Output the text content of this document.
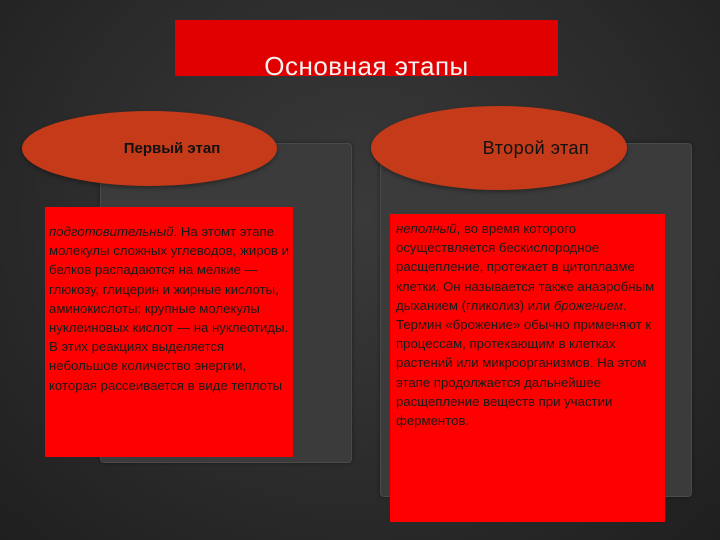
Основная этапы
Первый этап	Второй этап
подготовительный. На этомт этапе молекулы сложных углеводов, жиров и белков распадаются на мелкие — глюкозу, глицерин и жирные кислоты, аминокислоты; крупные молекулы нуклеиновых кислот — на нуклеотиды. В этих реакциях выделяется небольшое количество энергии, которая рассеивается в виде теплоты
неполный, во время которого осуществляется бескислородное расщепление, протекает в цитоплазме клетки. Он называется также анаэробным дыханием (гликолиз) или брожением. Термин «брожение» обычно применяют к процессам, протекающим в клетках растений или микроорганизмов. На этом этапе продолжается дальнейшее расщепление веществ при участии ферментов.
